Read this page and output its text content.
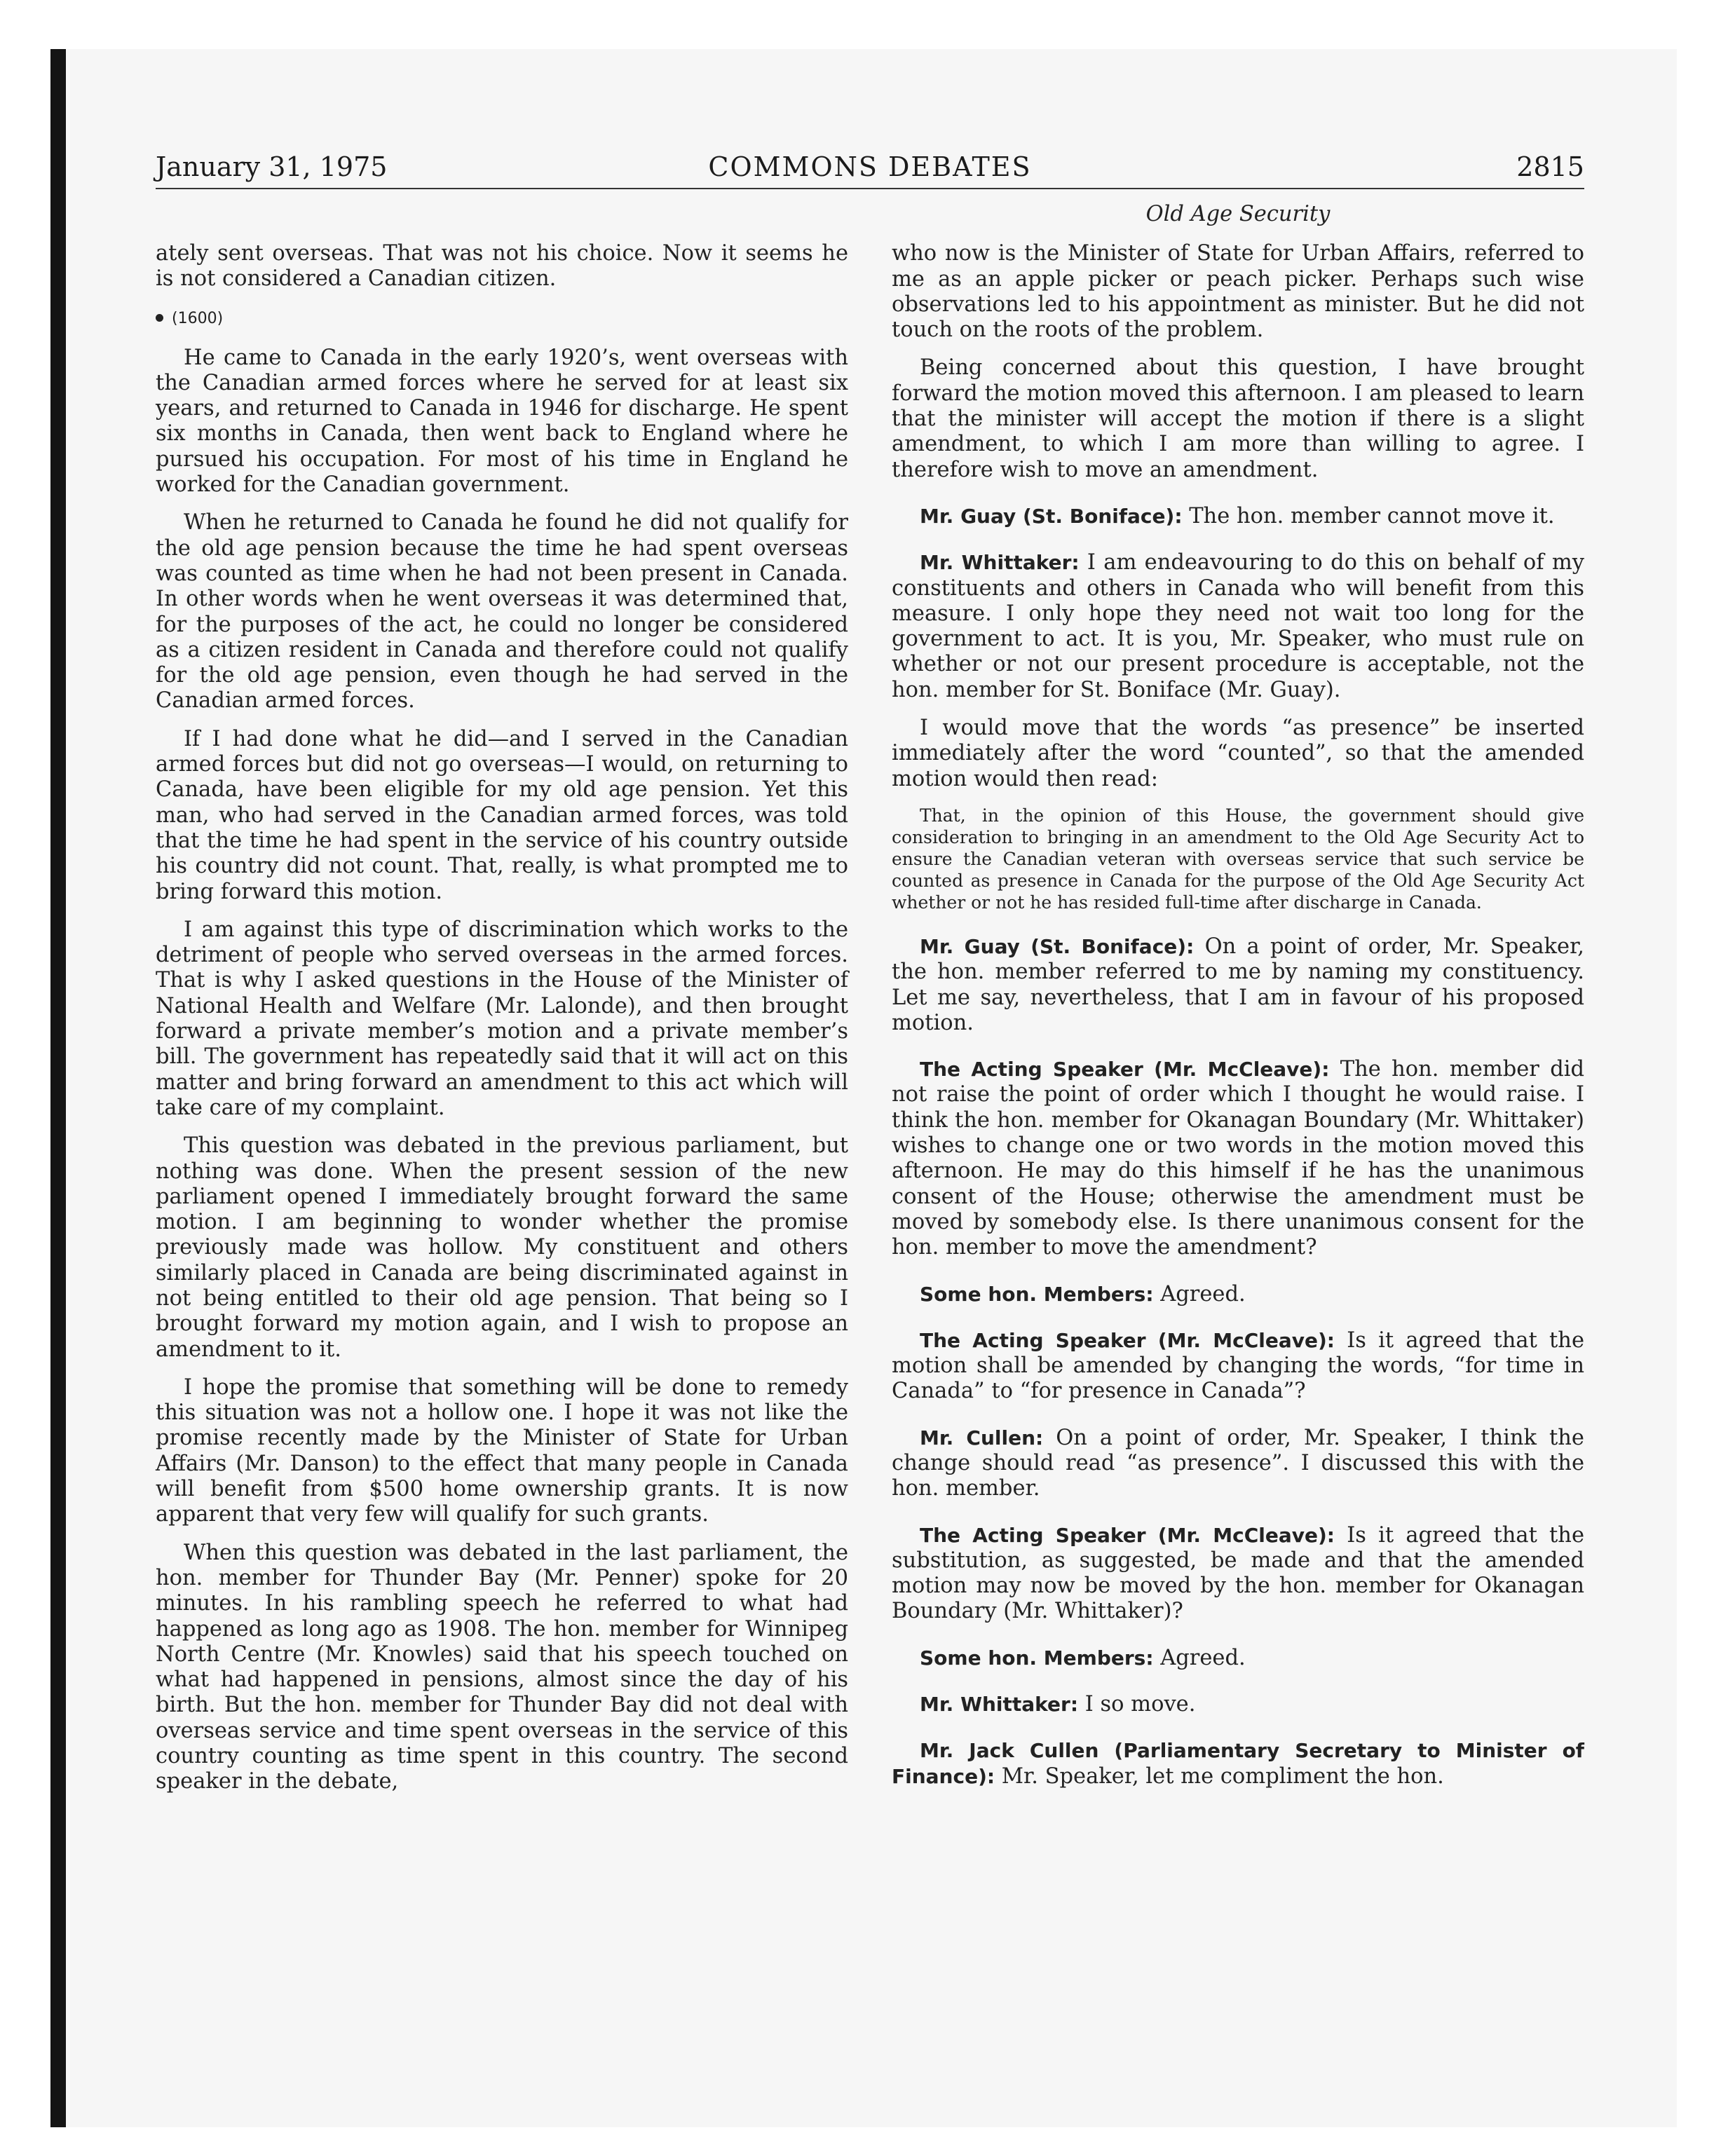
January 31, 1975	COMMONS DEBATES	2815

ately sent overseas. That was not his choice. Now it seems he is not considered a Canadian citizen.

(1600)

He came to Canada in the early 1920’s, went overseas with the Canadian armed forces where he served for at least six years, and returned to Canada in 1946 for discharge. He spent six months in Canada, then went back to England where he pursued his occupation. For most of his time in England he worked for the Canadian government.

When he returned to Canada he found he did not qualify for the old age pension because the time he had spent overseas was counted as time when he had not been present in Canada. In other words when he went overseas it was determined that, for the purposes of the act, he could no longer be considered as a citizen resident in Canada and therefore could not qualify for the old age pension, even though he had served in the Canadian armed forces.

If I had done what he did—and I served in the Canadian armed forces but did not go overseas—I would, on returning to Canada, have been eligible for my old age pension. Yet this man, who had served in the Canadian armed forces, was told that the time he had spent in the service of his country outside his country did not count. That, really, is what prompted me to bring forward this motion.

I am against this type of discrimination which works to the detriment of people who served overseas in the armed forces. That is why I asked questions in the House of the Minister of National Health and Welfare (Mr. Lalonde), and then brought forward a private member’s motion and a private member’s bill. The government has repeatedly said that it will act on this matter and bring forward an amendment to this act which will take care of my complaint.

This question was debated in the previous parliament, but nothing was done. When the present session of the new parliament opened I immediately brought forward the same motion. I am beginning to wonder whether the promise previously made was hollow. My constituent and others similarly placed in Canada are being discriminated against in not being entitled to their old age pension. That being so I brought forward my motion again, and I wish to propose an amendment to it.

I hope the promise that something will be done to remedy this situation was not a hollow one. I hope it was not like the promise recently made by the Minister of State for Urban Affairs (Mr. Danson) to the effect that many people in Canada will benefit from $500 home ownership grants. It is now apparent that very few will qualify for such grants.

When this question was debated in the last parliament, the hon. member for Thunder Bay (Mr. Penner) spoke for 20 minutes. In his rambling speech he referred to what had happened as long ago as 1908. The hon. member for Winnipeg North Centre (Mr. Knowles) said that his speech touched on what had happened in pensions, almost since the day of his birth. But the hon. member for Thunder Bay did not deal with overseas service and time spent overseas in the service of this country counting as time spent in this country. The second speaker in the debate,

Old Age Security

who now is the Minister of State for Urban Affairs, referred to me as an apple picker or peach picker. Perhaps such wise observations led to his appointment as minister. But he did not touch on the roots of the problem.

Being concerned about this question, I have brought forward the motion moved this afternoon. I am pleased to learn that the minister will accept the motion if there is a slight amendment, to which I am more than willing to agree. I therefore wish to move an amendment.

Mr. Guay (St. Boniface): The hon. member cannot move it.

Mr. Whittaker: I am endeavouring to do this on behalf of my constituents and others in Canada who will benefit from this measure. I only hope they need not wait too long for the government to act. It is you, Mr. Speaker, who must rule on whether or not our present procedure is acceptable, not the hon. member for St. Boniface (Mr. Guay).

I would move that the words “as presence” be inserted immediately after the word “counted”, so that the amended motion would then read:

That, in the opinion of this House, the government should give consideration to bringing in an amendment to the Old Age Security Act to ensure the Canadian veteran with overseas service that such service be counted as presence in Canada for the purpose of the Old Age Security Act whether or not he has resided full-time after discharge in Canada.

Mr. Guay (St. Boniface): On a point of order, Mr. Speaker, the hon. member referred to me by naming my constituency. Let me say, nevertheless, that I am in favour of his proposed motion.

The Acting Speaker (Mr. McCleave): The hon. member did not raise the point of order which I thought he would raise. I think the hon. member for Okanagan Boundary (Mr. Whittaker) wishes to change one or two words in the motion moved this afternoon. He may do this himself if he has the unanimous consent of the House; otherwise the amendment must be moved by somebody else. Is there unanimous consent for the hon. member to move the amendment?

Some hon. Members: Agreed.

The Acting Speaker (Mr. McCleave): Is it agreed that the motion shall be amended by changing the words, “for time in Canada” to “for presence in Canada”?

Mr. Cullen: On a point of order, Mr. Speaker, I think the change should read “as presence”. I discussed this with the hon. member.

The Acting Speaker (Mr. McCleave): Is it agreed that the substitution, as suggested, be made and that the amended motion may now be moved by the hon. member for Okanagan Boundary (Mr. Whittaker)?

Some hon. Members: Agreed.

Mr. Whittaker: I so move.

Mr. Jack Cullen (Parliamentary Secretary to Minister of Finance): Mr. Speaker, let me compliment the hon.
